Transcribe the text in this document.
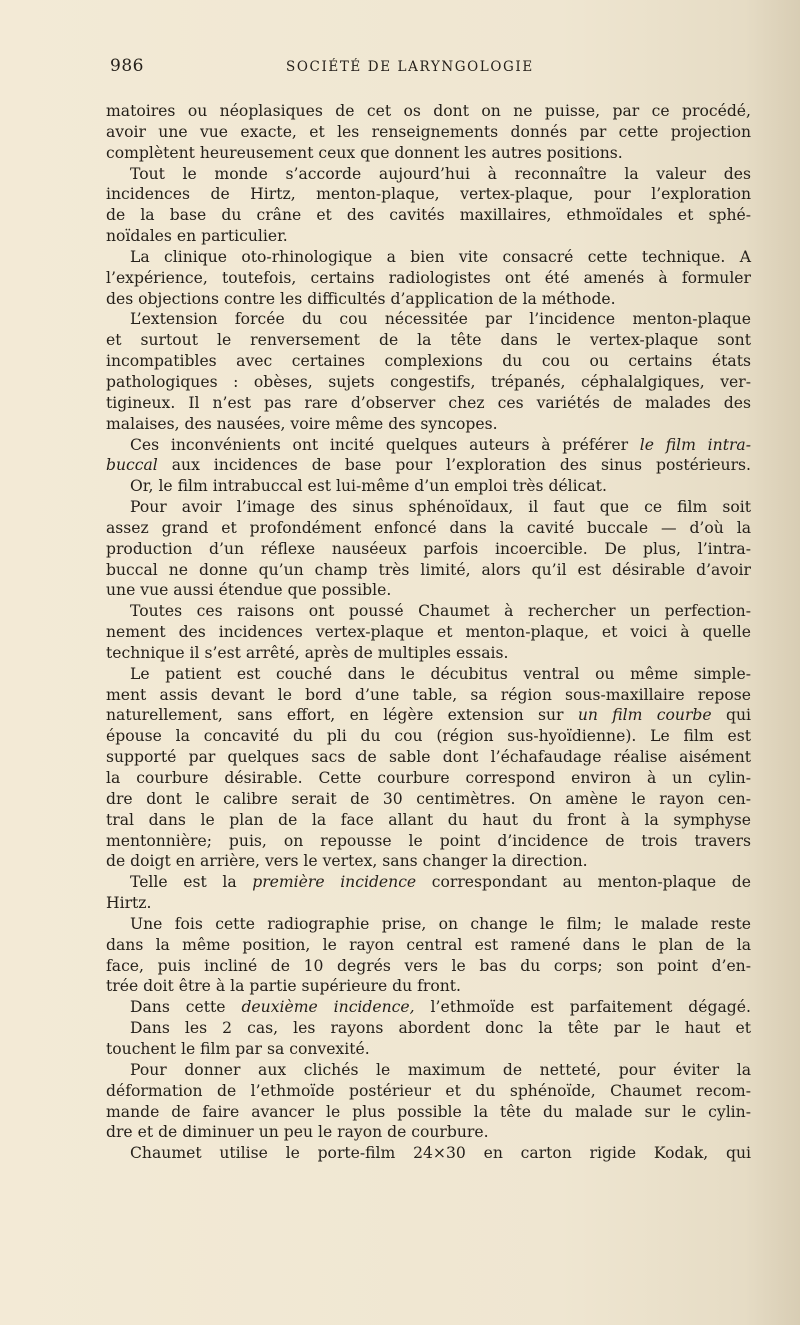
986	SOCIÉTÉ DE LARYNGOLOGIE
matoires ou néoplasiques de cet os dont on ne puisse, par ce procédé,
avoir une vue exacte, et les renseignements donnés par cette projection
complètent heureusement ceux que donnent les autres positions.
Tout le monde s’accorde aujourd’hui à reconnaître la valeur des
incidences de Hirtz, menton-plaque, vertex-plaque, pour l’exploration
de la base du crâne et des cavités maxillaires, ethmoïdales et sphé-
noïdales en particulier.
La clinique oto-rhinologique a bien vite consacré cette technique. A
l’expérience, toutefois, certains radiologistes ont été amenés à formuler
des objections contre les difficultés d’application de la méthode.
L’extension forcée du cou nécessitée par l’incidence menton-plaque
et surtout le renversement de la tête dans le vertex-plaque sont
incompatibles avec certaines complexions du cou ou certains états
pathologiques : obèses, sujets congestifs, trépanés, céphalalgiques, ver-
tigineux. Il n’est pas rare d’observer chez ces variétés de malades des
malaises, des nausées, voire même des syncopes.
Ces inconvénients ont incité quelques auteurs à préférer le film intra-
buccal aux incidences de base pour l’exploration des sinus postérieurs.
Or, le film intrabuccal est lui-même d’un emploi très délicat.
Pour avoir l’image des sinus sphénoïdaux, il faut que ce film soit
assez grand et profondément enfoncé dans la cavité buccale — d’où la
production d’un réflexe nauséeux parfois incoercible. De plus, l’intra-
buccal ne donne qu’un champ très limité, alors qu’il est désirable d’avoir
une vue aussi étendue que possible.
Toutes ces raisons ont poussé Chaumet à rechercher un perfection-
nement des incidences vertex-plaque et menton-plaque, et voici à quelle
technique il s’est arrêté, après de multiples essais.
Le patient est couché dans le décubitus ventral ou même simple-
ment assis devant le bord d’une table, sa région sous-maxillaire repose
naturellement, sans effort, en légère extension sur un film courbe qui
épouse la concavité du pli du cou (région sus-hyoïdienne). Le film est
supporté par quelques sacs de sable dont l’échafaudage réalise aisément
la courbure désirable. Cette courbure correspond environ à un cylin-
dre dont le calibre serait de 30 centimètres. On amène le rayon cen-
tral dans le plan de la face allant du haut du front à la symphyse
mentonnière; puis, on repousse le point d’incidence de trois travers
de doigt en arrière, vers le vertex, sans changer la direction.
Telle est la première incidence correspondant au menton-plaque de
Hirtz.
Une fois cette radiographie prise, on change le film; le malade reste
dans la même position, le rayon central est ramené dans le plan de la
face, puis incliné de 10 degrés vers le bas du corps; son point d’en-
trée doit être à la partie supérieure du front.
Dans cette deuxième incidence, l’ethmoïde est parfaitement dégagé.
Dans les 2 cas, les rayons abordent donc la tête par le haut et
touchent le film par sa convexité.
Pour donner aux clichés le maximum de netteté, pour éviter la
déformation de l’ethmoïde postérieur et du sphénoïde, Chaumet recom-
mande de faire avancer le plus possible la tête du malade sur le cylin-
dre et de diminuer un peu le rayon de courbure.
Chaumet utilise le porte-film 24×30 en carton rigide Kodak, qui
